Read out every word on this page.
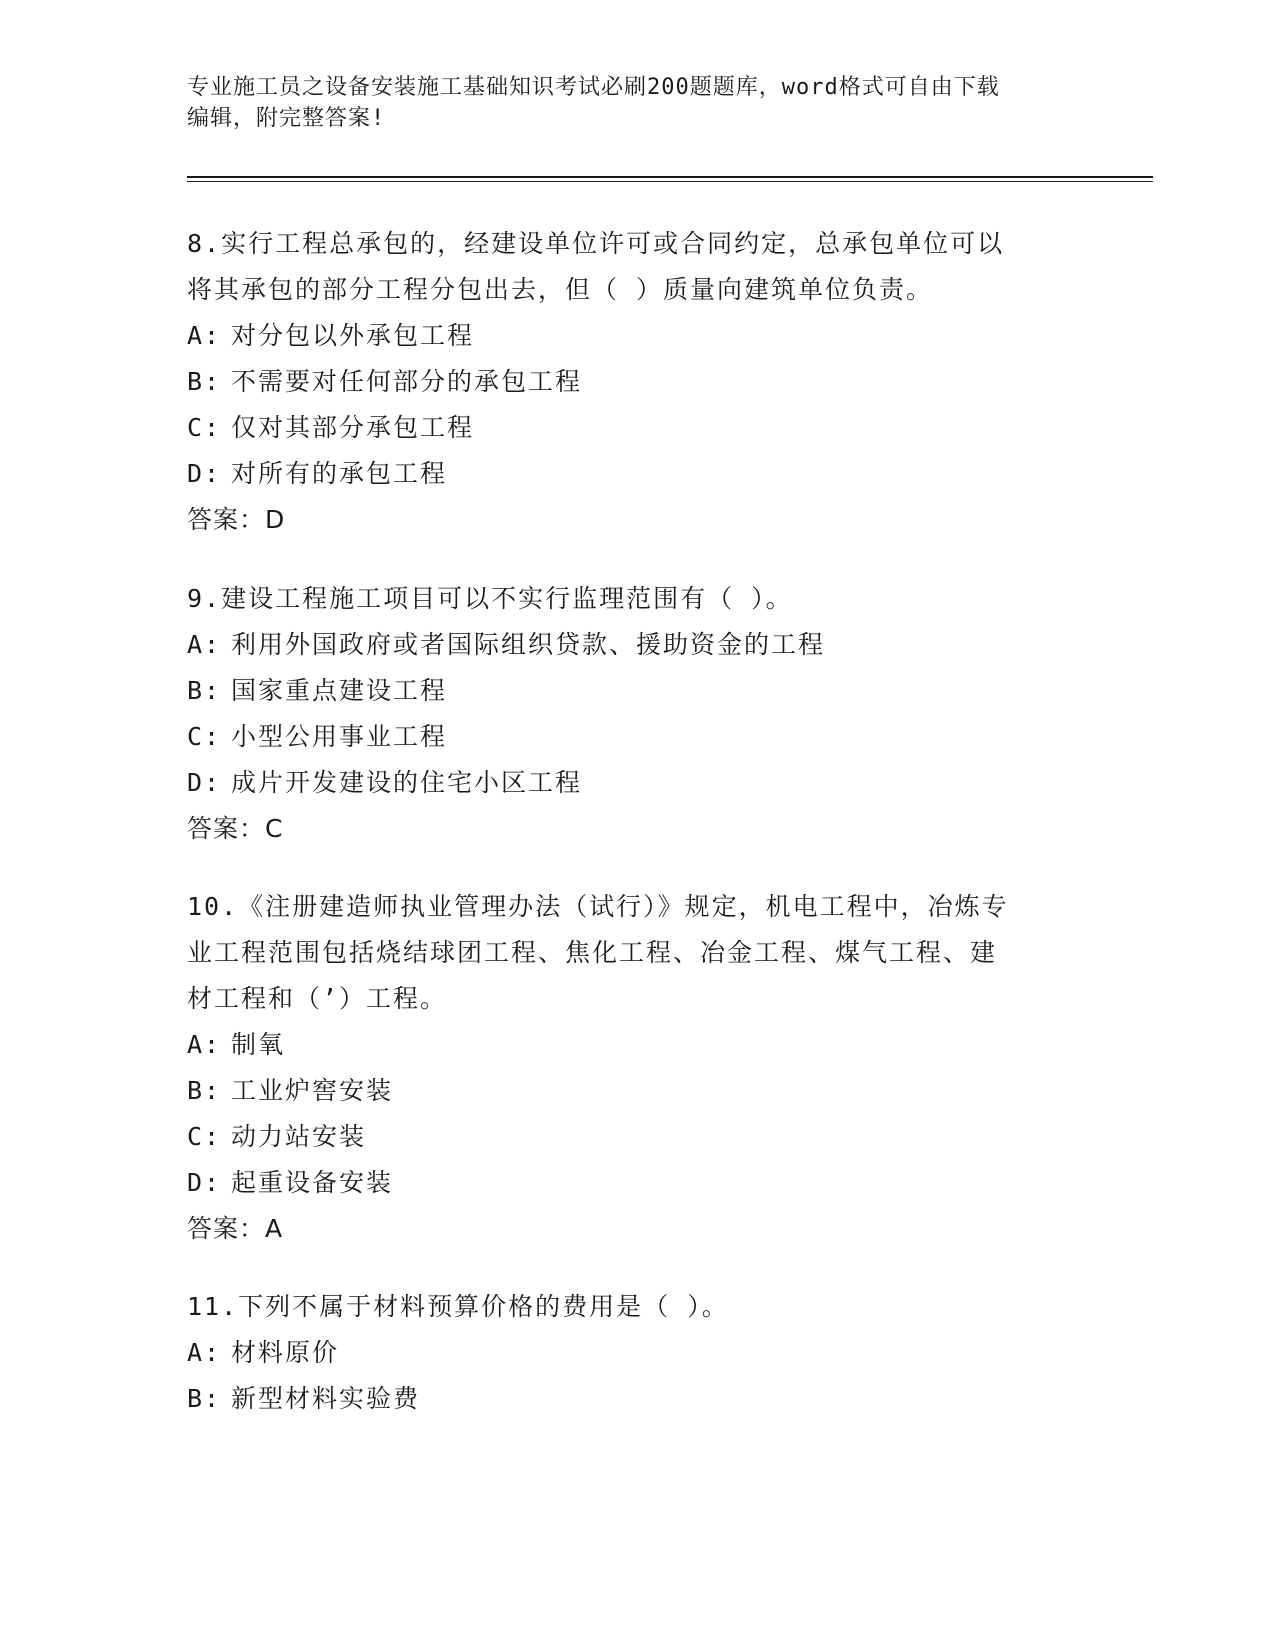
专业施工员之设备安装施工基础知识考试必刷200题题库，word格式可自由下载
编辑，附完整答案!

8.实行工程总承包的，经建设单位许可或合同约定，总承包单位可以

将其承包的部分工程分包出去，但（ ）质量向建筑单位负责。

A: 对分包以外承包工程

B: 不需要对任何部分的承包工程

C: 仅对其部分承包工程

D: 对所有的承包工程

答案：D

9.建设工程施工项目可以不实行监理范围有（ ）。

A: 利用外国政府或者国际组织贷款、援助资金的工程

B: 国家重点建设工程

C: 小型公用事业工程

D: 成片开发建设的住宅小区工程

答案：C

10.《注册建造师执业管理办法（试行）》规定，机电工程中，冶炼专

业工程范围包括烧结球团工程、焦化工程、冶金工程、煤气工程、建

材工程和（’）工程。

A: 制氧

B: 工业炉窖安装

C: 动力站安装

D: 起重设备安装

答案：A

11.下列不属于材料预算价格的费用是（ ）。

A: 材料原价

B: 新型材料实验费
